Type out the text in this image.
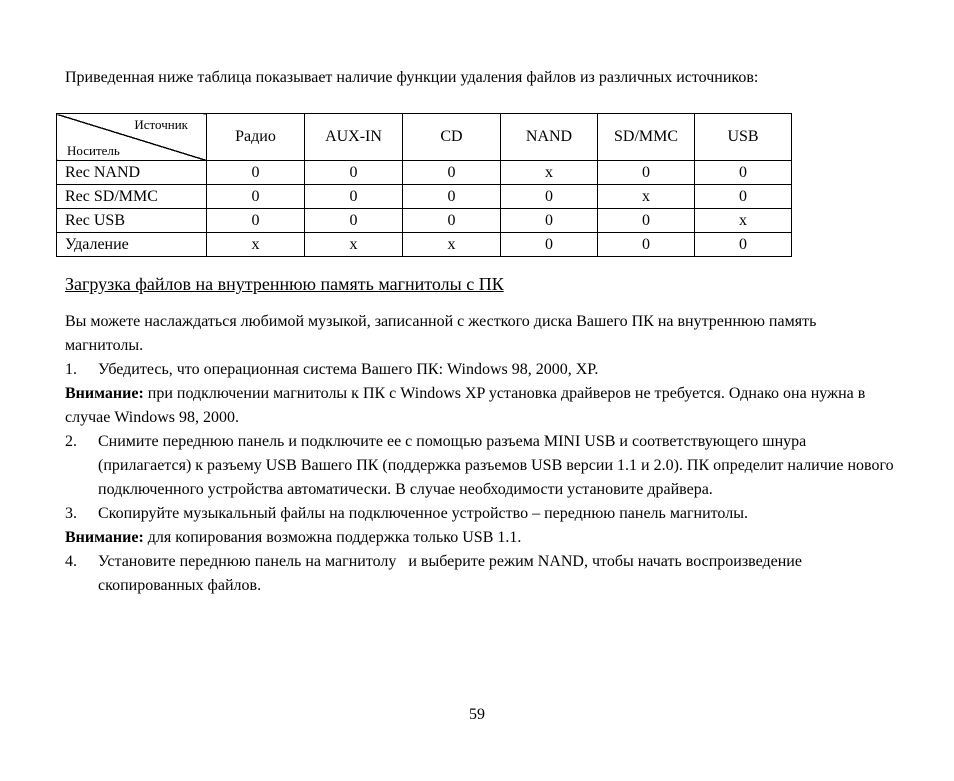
Приведенная ниже таблица показывает наличие функции удаления файлов из различных источников:
Источник
Носитель	Радио	AUX-IN	CD	NAND	SD/MMC	USB
Rec NAND	0	0	0	x	0	0
Rec SD/MMC	0	0	0	0	x	0
Rec USB	0	0	0	0	0	x
Удаление	x	x	x	0	0	0
Загрузка файлов на внутреннюю память магнитолы с ПК

Вы можете наслаждаться любимой музыкой, записанной с жесткого диска Вашего ПК на внутреннюю память магнитолы.

1.	Убедитесь, что операционная система Вашего ПК: Windows 98, 2000, XP.

Внимание: при подключении магнитолы к ПК с Windows XP установка драйверов не требуется. Однако она нужна в случае Windows 98, 2000.

2.	Снимите переднюю панель и подключите ее с помощью разъема MINI USB и соответствующего шнура (прилагается) к разъему USB Вашего ПК (поддержка разъемов USB версии 1.1 и 2.0). ПК определит наличие нового подключенного устройства автоматически. В случае необходимости установите драйвера.
3.	Скопируйте музыкальный файлы на подключенное устройство – переднюю панель магнитолы.

Внимание: для копирования возможна поддержка только USB 1.1.

4.	Установите переднюю панель на магнитолу   и выберите режим NAND, чтобы начать воспроизведение скопированных файлов.
59
